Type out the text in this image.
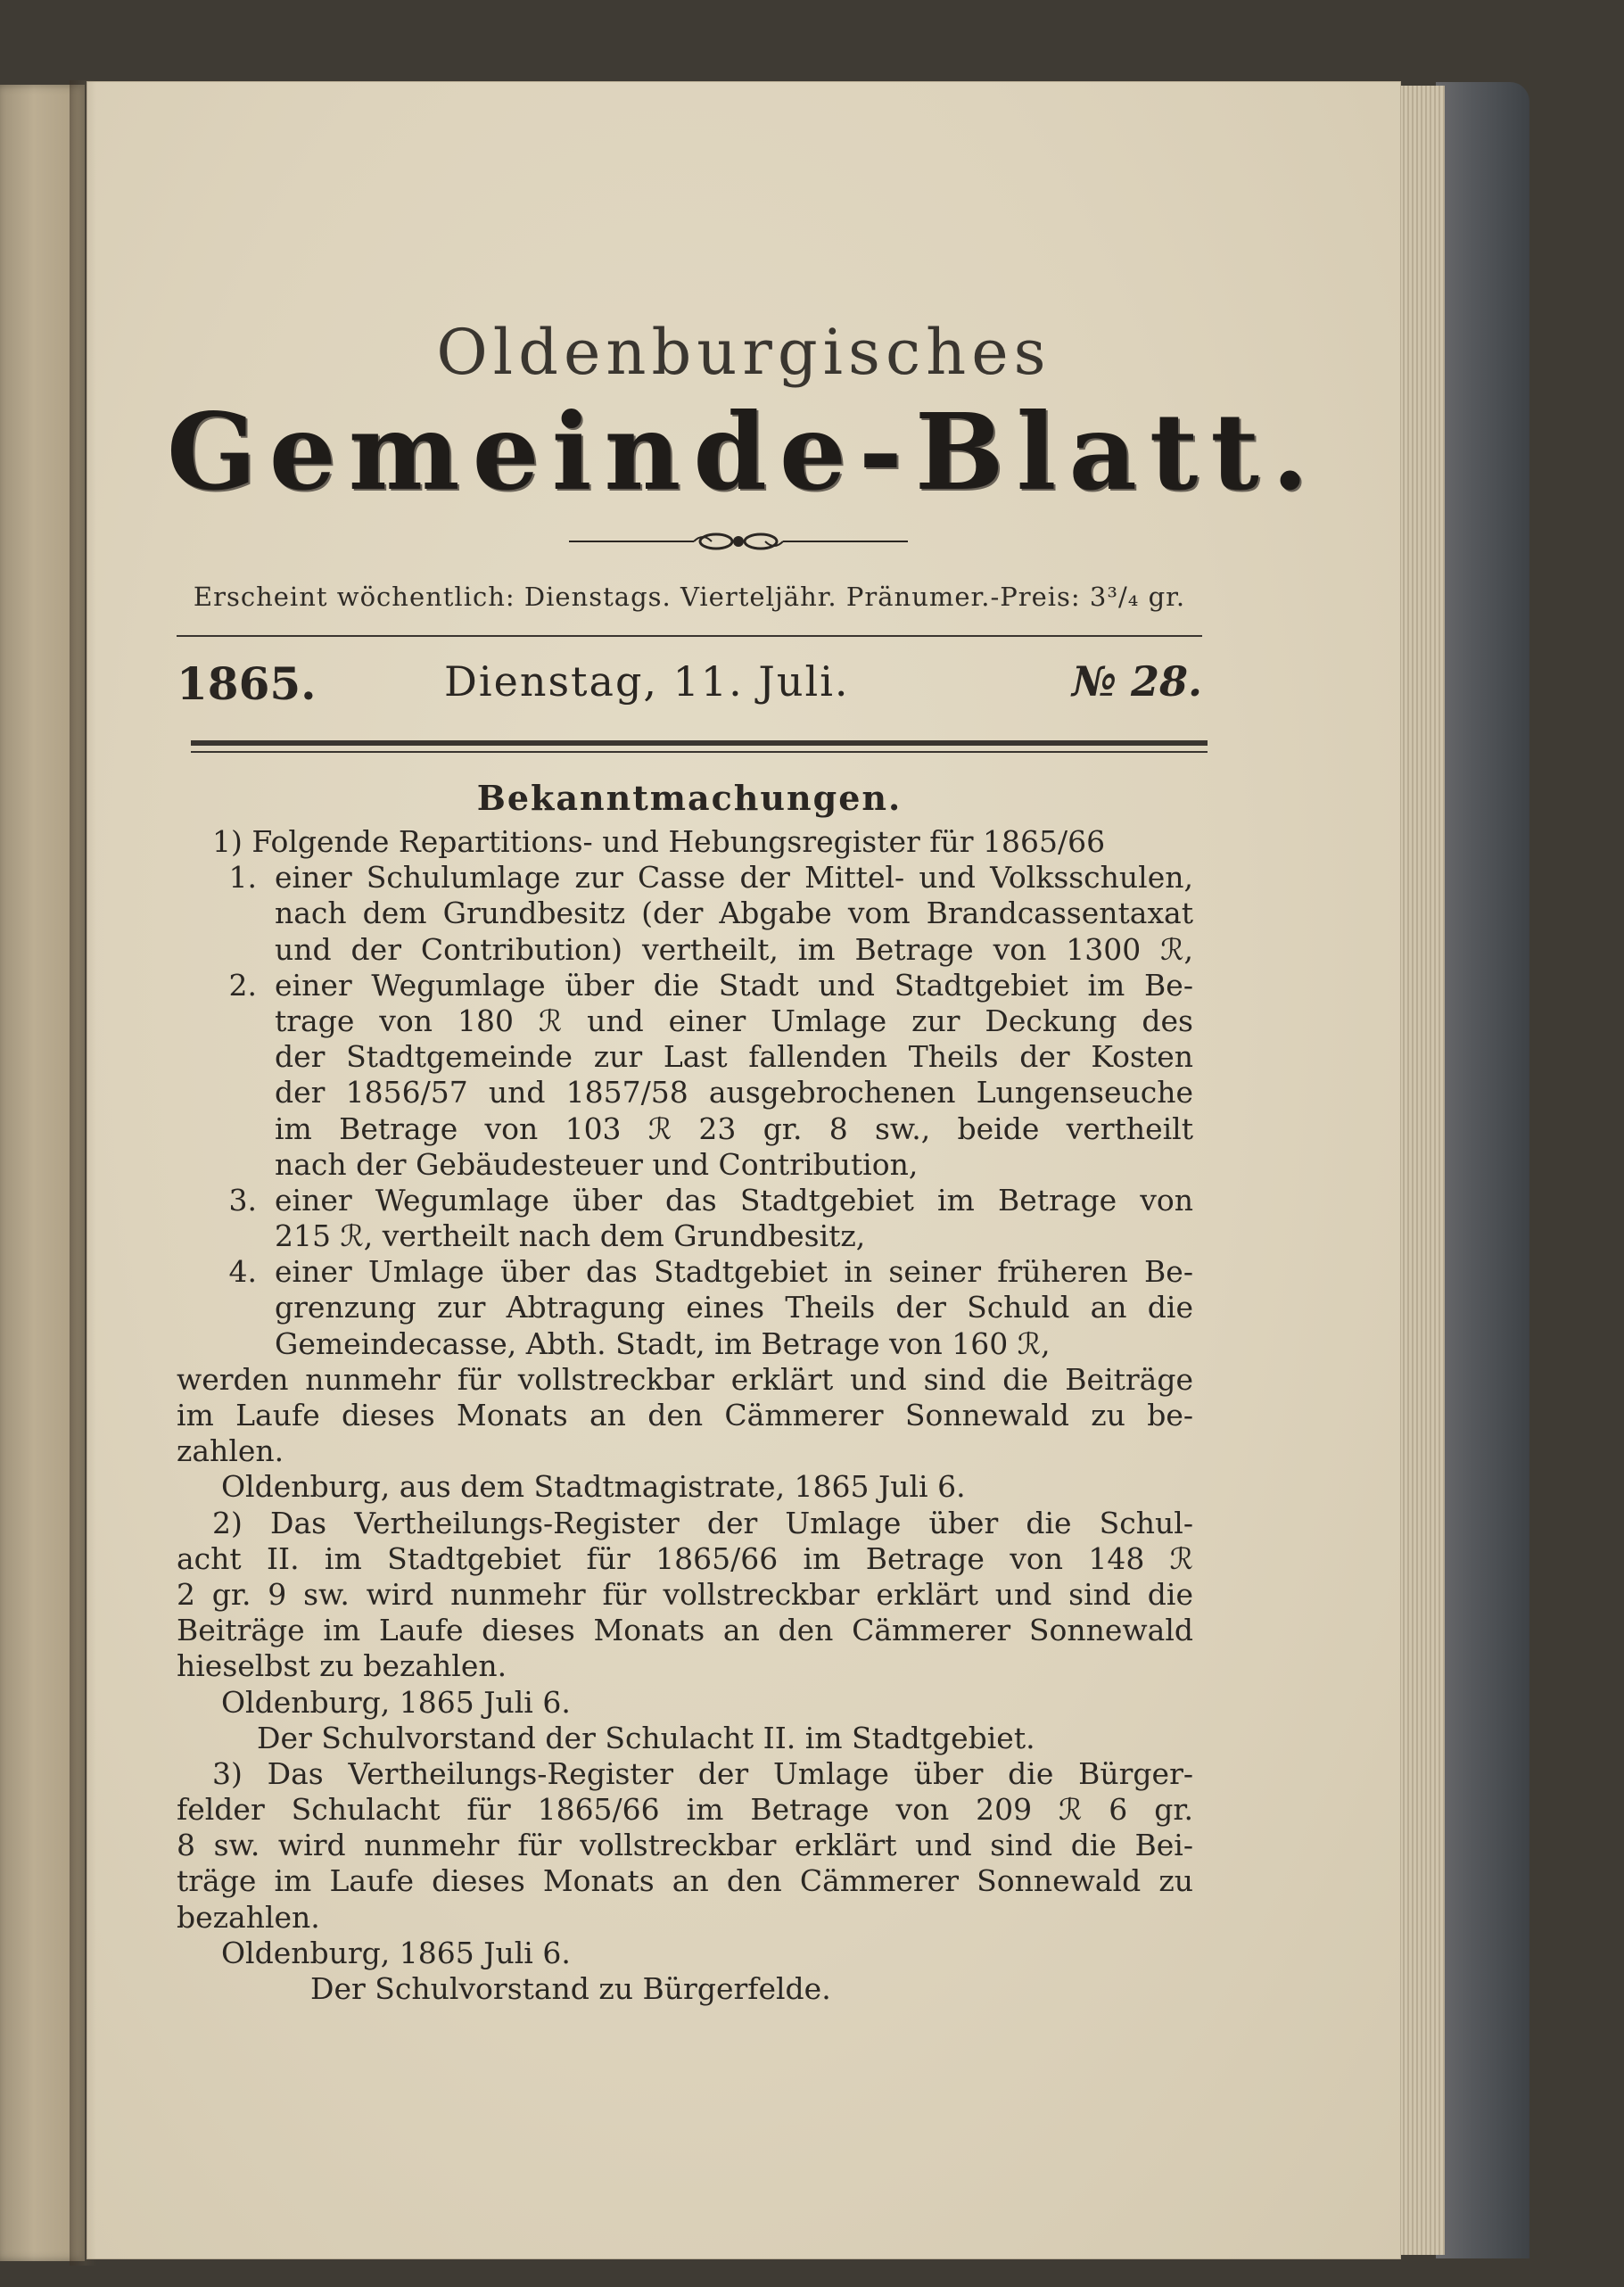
Oldenburgisches
Gemeinde-Blatt.
Erscheint wöchentlich: Dienstags. Vierteljähr. Pränumer.-Preis: 3³/₄ gr.
1865.	Dienstag, 11. Juli.	№ 28.
Bekanntmachungen.
1) Folgende Repartitions- und Hebungsregister für 1865/66
1. einer Schulumlage zur Casse der Mittel- und Volksschulen,
nach dem Grundbesitz (der Abgabe vom Brandcassentaxat
und der Contribution) vertheilt, im Betrage von 1300 ℛ,
2. einer Wegumlage über die Stadt und Stadtgebiet im Be-
trage von 180 ℛ und einer Umlage zur Deckung des
der Stadtgemeinde zur Last fallenden Theils der Kosten
der 1856/57 und 1857/58 ausgebrochenen Lungenseuche
im Betrage von 103 ℛ 23 gr. 8 sw., beide vertheilt
nach der Gebäudesteuer und Contribution,
3. einer Wegumlage über das Stadtgebiet im Betrage von
215 ℛ, vertheilt nach dem Grundbesitz,
4. einer Umlage über das Stadtgebiet in seiner früheren Be-
grenzung zur Abtragung eines Theils der Schuld an die
Gemeindecasse, Abth. Stadt, im Betrage von 160 ℛ,
werden nunmehr für vollstreckbar erklärt und sind die Beiträge
im Laufe dieses Monats an den Cämmerer Sonnewald zu be-
zahlen.
Oldenburg, aus dem Stadtmagistrate, 1865 Juli 6.
2) Das Vertheilungs-Register der Umlage über die Schul-
acht II. im Stadtgebiet für 1865/66 im Betrage von 148 ℛ
2 gr. 9 sw. wird nunmehr für vollstreckbar erklärt und sind die
Beiträge im Laufe dieses Monats an den Cämmerer Sonnewald
hieselbst zu bezahlen.
Oldenburg, 1865 Juli 6.
Der Schulvorstand der Schulacht II. im Stadtgebiet.
3) Das Vertheilungs-Register der Umlage über die Bürger-
felder Schulacht für 1865/66 im Betrage von 209 ℛ 6 gr.
8 sw. wird nunmehr für vollstreckbar erklärt und sind die Bei-
träge im Laufe dieses Monats an den Cämmerer Sonnewald zu
bezahlen.
Oldenburg, 1865 Juli 6.
Der Schulvorstand zu Bürgerfelde.
